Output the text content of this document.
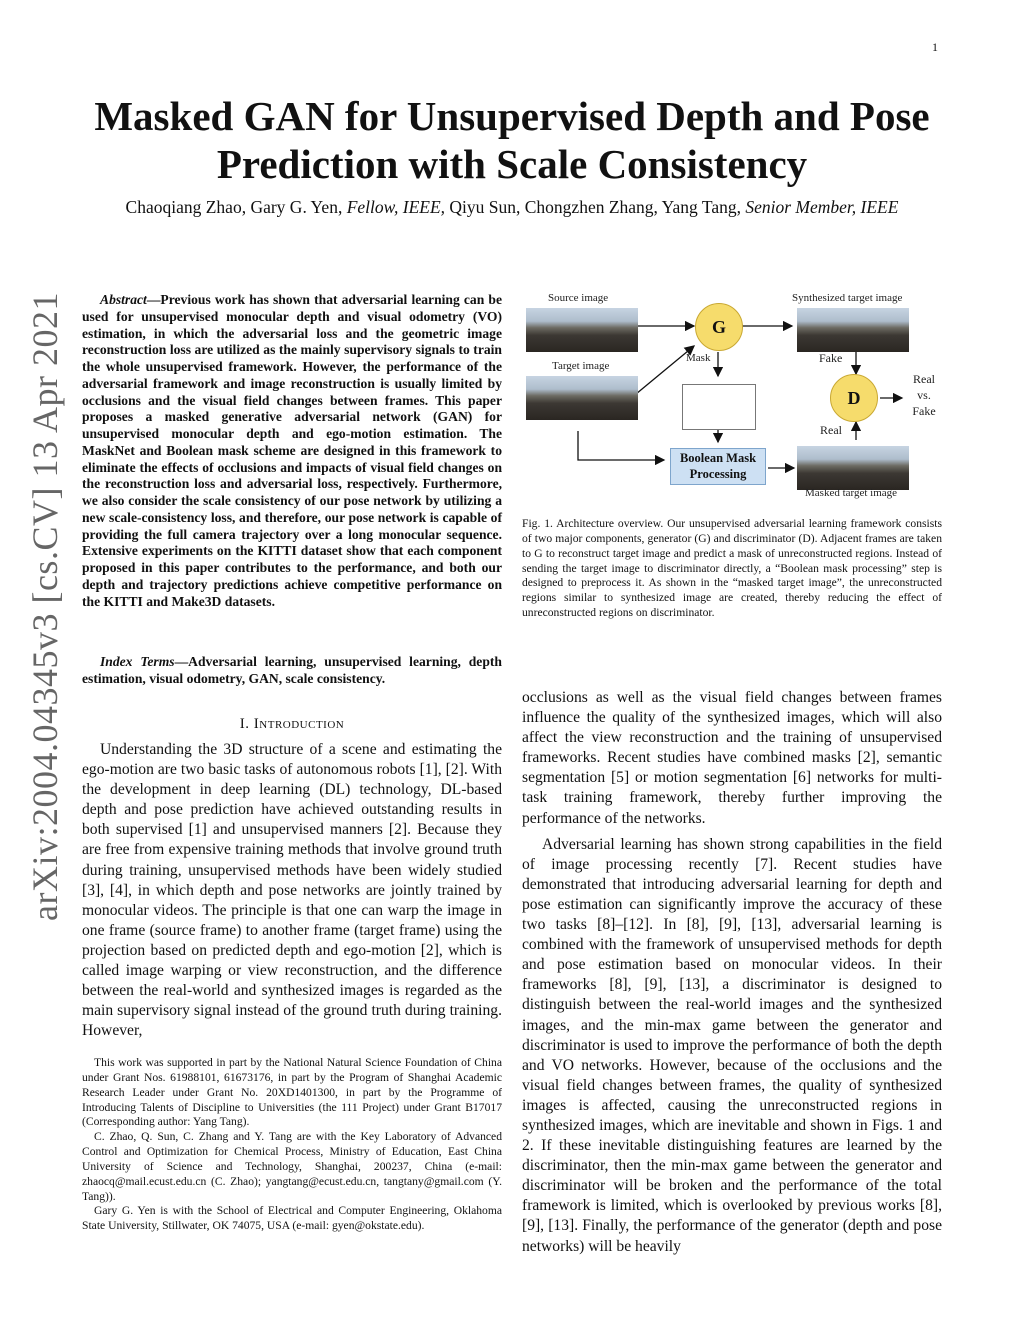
1
arXiv:2004.04345v3 [cs.CV] 13 Apr 2021
Masked GAN for Unsupervised Depth and Pose Prediction with Scale Consistency
Chaoqiang Zhao, Gary G. Yen, Fellow, IEEE, Qiyu Sun, Chongzhen Zhang, Yang Tang, Senior Member, IEEE
Abstract—Previous work has shown that adversarial learning can be used for unsupervised monocular depth and visual odometry (VO) estimation, in which the adversarial loss and the geometric image reconstruction loss are utilized as the mainly supervisory signals to train the whole unsupervised framework. However, the performance of the adversarial framework and image reconstruction is usually limited by occlusions and the visual field changes between frames. This paper proposes a masked generative adversarial network (GAN) for unsupervised monocular depth and ego-motion estimation. The MaskNet and Boolean mask scheme are designed in this framework to eliminate the effects of occlusions and impacts of visual field changes on the reconstruction loss and adversarial loss, respectively. Furthermore, we also consider the scale consistency of our pose network by utilizing a new scale-consistency loss, and therefore, our pose network is capable of providing the full camera trajectory over a long monocular sequence. Extensive experiments on the KITTI dataset show that each component proposed in this paper contributes to the performance, and both our depth and trajectory predictions achieve competitive performance on the KITTI and Make3D datasets.
Index Terms—Adversarial learning, unsupervised learning, depth estimation, visual odometry, GAN, scale consistency.
I. Introduction
Understanding the 3D structure of a scene and estimating the ego-motion are two basic tasks of autonomous robots [1], [2]. With the development in deep learning (DL) technology, DL-based depth and pose prediction have achieved outstanding results in both supervised [1] and unsupervised manners [2]. Because they are free from expensive training methods that involve ground truth during training, unsupervised methods have been widely studied [3], [4], in which depth and pose networks are jointly trained by monocular videos. The principle is that one can warp the image in one frame (source frame) to another frame (target frame) using the projection based on predicted depth and ego-motion [2], which is called image warping or view reconstruction, and the difference between the real-world and synthesized images is regarded as the main supervisory signal instead of the ground truth during training. However,

This work was supported in part by the National Natural Science Foundation of China under Grant Nos. 61988101, 61673176, in part by the Program of Shanghai Academic Research Leader under Grant No. 20XD1401300, in part by the Programme of Introducing Talents of Discipline to Universities (the 111 Project) under Grant B17017 (Corresponding author: Yang Tang).

C. Zhao, Q. Sun, C. Zhang and Y. Tang are with the Key Laboratory of Advanced Control and Optimization for Chemical Process, Ministry of Education, East China University of Science and Technology, Shanghai, 200237, China (e-mail: zhaocq@mail.ecust.edu.cn (C. Zhao); yangtang@ecust.edu.cn, tangtany@gmail.com (Y. Tang)).

Gary G. Yen is with the School of Electrical and Computer Engineering, Oklahoma State University, Stillwater, OK 74075, USA (e-mail: gyen@okstate.edu).

Source image
Target image
G
Mask
Boolean Mask
Processing
Synthesized target image
Fake
D
Real
Real
vs.
Fake
Masked target image
Fig. 1. Architecture overview. Our unsupervised adversarial learning framework consists of two major components, generator (G) and discriminator (D). Adjacent frames are taken to G to reconstruct target image and predict a mask of unreconstructed regions. Instead of sending the target image to discriminator directly, a “Boolean mask processing” step is designed to preprocess it. As shown in the “masked target image”, the unreconstructed regions similar to synthesized image are created, thereby reducing the effect of unreconstructed regions on discriminator.

occlusions as well as the visual field changes between frames influence the quality of the synthesized images, which will also affect the view reconstruction and the training of unsupervised frameworks. Recent studies have combined masks [2], semantic segmentation [5] or motion segmentation [6] networks for multi-task training framework, thereby further improving the performance of the networks.

Adversarial learning has shown strong capabilities in the field of image processing recently [7]. Recent studies have demonstrated that introducing adversarial learning for depth and pose estimation can significantly improve the accuracy of these two tasks [8]–[12]. In [8], [9], [13], adversarial learning is combined with the framework of unsupervised methods for depth and pose estimation based on monocular videos. In their frameworks [8], [9], [13], a discriminator is designed to distinguish between the real-world images and the synthesized images, and the min-max game between the generator and discriminator is used to improve the performance of both the depth and VO networks. However, because of the occlusions and the visual field changes between frames, the quality of synthesized images is affected, causing the unreconstructed regions in synthesized images, which are inevitable and shown in Figs. 1 and 2. If these inevitable distinguishing features are learned by the discriminator, then the min-max game between the generator and discriminator will be broken and the performance of the total framework is limited, which is overlooked by previous works [8], [9], [13]. Finally, the performance of the generator (depth and pose networks) will be heavily
